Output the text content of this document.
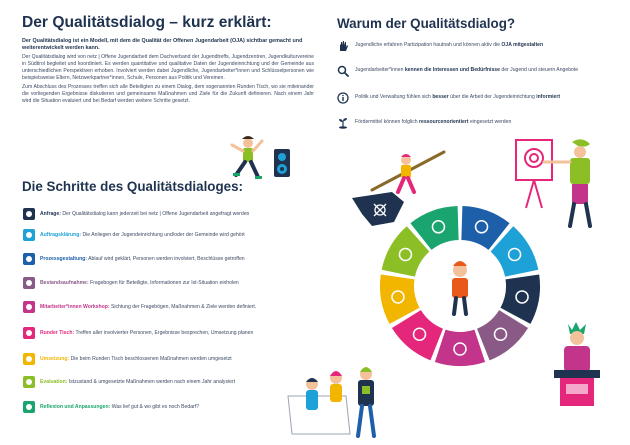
Der Qualitätsdialog – kurz erklärt:

Der Qualitätsdialog ist ein Modell, mit dem die Qualität der Offenen Jugendarbeit (OJA) sichtbar gemacht und weiterentwickelt werden kann.

Der Qualitätsdialog wird von netz | Offene Jugendarbeit dem Dachverband der Jugendtreffs, Jugendzentren, Jugendkulturvereine in Südtirol begleitet und koordiniert. Es werden quantitative und qualitative Daten der Jugendeinrichtung und der Gemeinde aus unterschiedlichen Perspektiven erhoben. Involviert werden dabei Jugendliche, Jugendarbeiter*innen und Schlüsselpersonen wie beispielsweise Eltern, Netzwerkpartner*innen, Schule, Personen aus Politik und Vereinen.

Zum Abschluss des Prozesses treffen sich alle Beteiligten zu einem Dialog, dem sogenannten Runden Tisch, wo sie miteinander die vorliegenden Ergebnisse diskutieren und gemeinsame Maßnahmen und Ziele für die Zukunft definieren. Nach einem Jahr wird die Situation evaluiert und bei Bedarf werden weitere Schritte gesetzt.

Die Schritte des Qualitätsdialoges:
Anfrage: Der Qualitätsdialog kann jederzeit bei netz | Offene Jugendarbeit angefragt werden
Auftragsklärung: Die Anliegen der Jugendeinrichtung und/oder der Gemeinde wird gehört
Prozessgestaltung: Ablauf wird geklärt, Personen werden involviert, Beschlüsse getroffen
Bestandsaufnahme: Fragebogen für Beteiligte, Informationen zur Ist-Situation einholen
Mitarbeiter*innen Workshop: Sichtung der Fragebögen, Maßnahmen & Ziele werden definiert.
Runder Tisch: Treffen aller involvierter Personen, Ergebnisse besprechen, Umsetzung planen
Umsetzung: Die beim Runden Tisch beschlossenen Maßnahmen werden umgesetzt
Evaluation: Istzustand & umgesetzte Maßnahmen werden nach einem Jahr analysiert
Reflexion und Anpassungen: Was lief gut & wo gibt es noch Bedarf?
Warum der Qualitätsdialog?
Jugendliche erfahren Partizipation hautnah und können aktiv die OJA mitgestalten
Jugendarbeiter*innen kennen die Interessen und Bedürfnisse der Jugend und steuern Angebote
Politik und Verwaltung fühlen sich besser über die Arbeit der Jugendeinrichtung informiert
Fördermittel können folglich ressourcenorientiert eingesetzt werden
